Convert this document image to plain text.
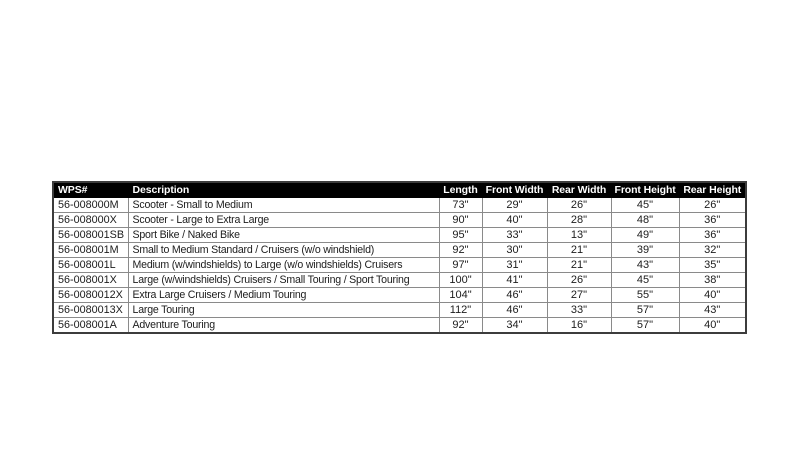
WPS#	Description	Length	Front Width	Rear Width	Front Height	Rear Height
56-008000M	Scooter - Small to Medium	73"	29"	26"	45"	26"
56-008000X	Scooter - Large to Extra Large	90"	40"	28"	48"	36"
56-008001SB	Sport Bike / Naked Bike	95"	33"	13"	49"	36"
56-008001M	Small to Medium Standard / Cruisers (w/o windshield)	92"	30"	21"	39"	32"
56-008001L	Medium (w/windshields) to Large (w/o windshields) Cruisers	97"	31"	21"	43"	35"
56-008001X	Large (w/windshields) Cruisers / Small Touring / Sport Touring	100"	41"	26"	45"	38"
56-0080012X	Extra Large Cruisers / Medium Touring	104"	46"	27"	55"	40"
56-0080013X	Large Touring	112"	46"	33"	57"	43"
56-008001A	Adventure Touring	92"	34"	16"	57"	40"
